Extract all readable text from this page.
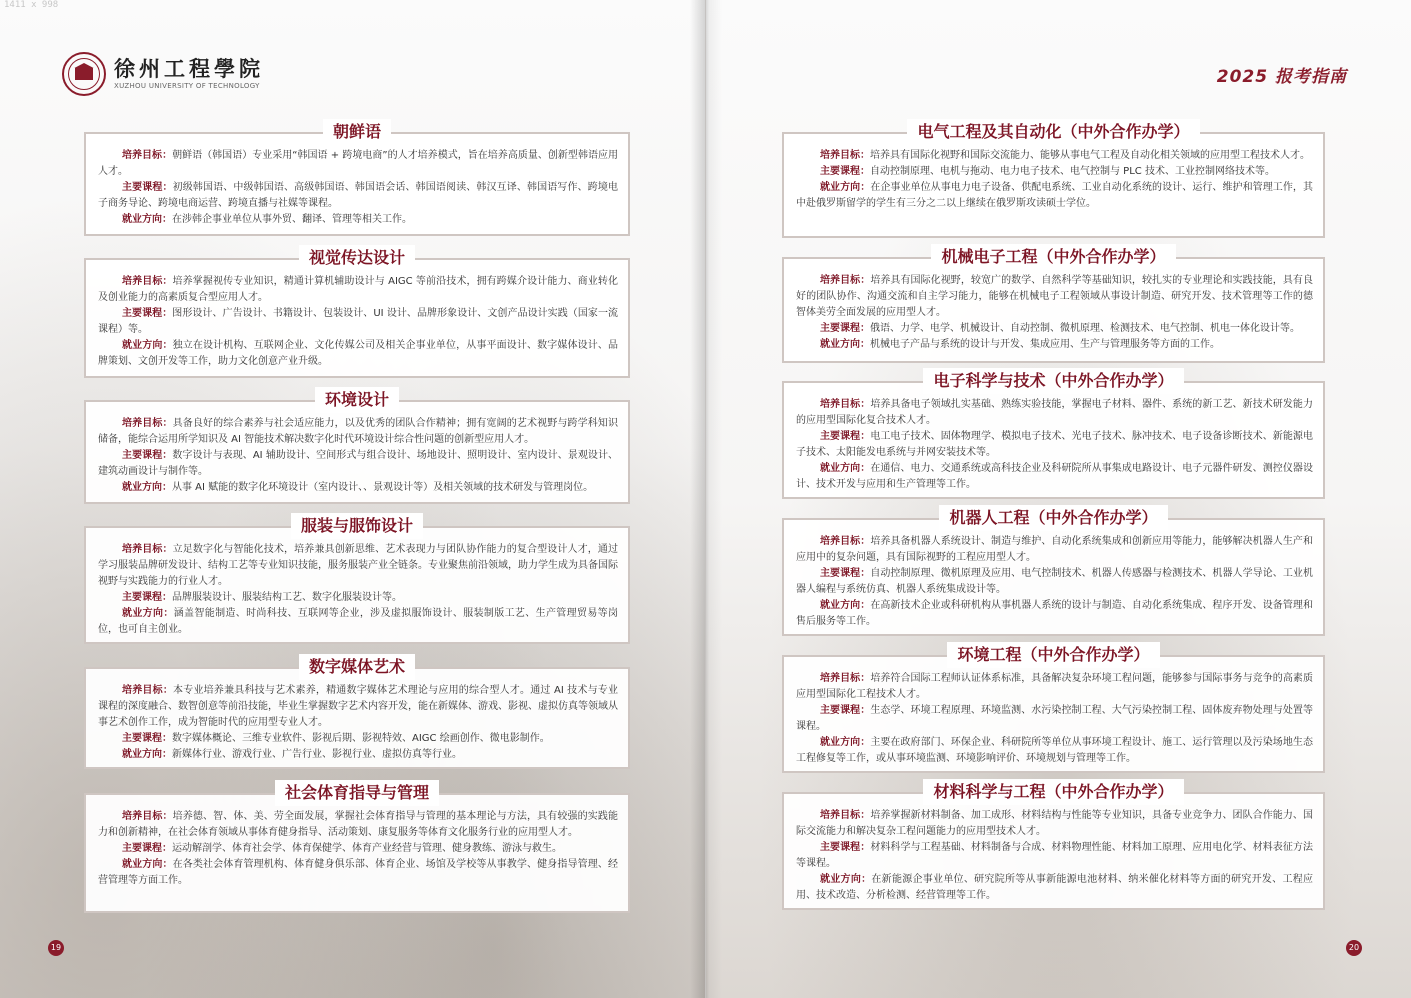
1411 x 998
徐州工程學院
XUZHOU UNIVERSITY OF TECHNOLOGY
朝鲜语

培养目标：朝鲜语（韩国语）专业采用“韩国语 + 跨境电商”的人才培养模式，旨在培养高质量、创新型韩语应用人才。

主要课程：初级韩国语、中级韩国语、高级韩国语、韩国语会话、韩国语阅读、韩汉互译、韩国语写作、跨境电子商务导论、跨境电商运营、跨境直播与社媒等课程。

就业方向：在涉韩企事业单位从事外贸、翻译、管理等相关工作。

视觉传达设计

培养目标：培养掌握视传专业知识，精通计算机辅助设计与 AIGC 等前沿技术，拥有跨媒介设计能力、商业转化及创业能力的高素质复合型应用人才。

主要课程：图形设计、广告设计、书籍设计、包装设计、UI 设计、品牌形象设计、文创产品设计实践（国家一流课程）等。

就业方向：独立在设计机构、互联网企业、文化传媒公司及相关企事业单位，从事平面设计、数字媒体设计、品牌策划、文创开发等工作，助力文化创意产业升级。

环境设计

培养目标：具备良好的综合素养与社会适应能力，以及优秀的团队合作精神；拥有宽阔的艺术视野与跨学科知识储备，能综合运用所学知识及 AI 智能技术解决数字化时代环境设计综合性问题的创新型应用人才。

主要课程：数字设计与表现、AI 辅助设计、空间形式与组合设计、场地设计、照明设计、室内设计、景观设计、建筑动画设计与制作等。

就业方向：从事 AI 赋能的数字化环境设计（室内设计、、景观设计等）及相关领域的技术研发与管理岗位。

服装与服饰设计

培养目标：立足数字化与智能化技术，培养兼具创新思维、艺术表现力与团队协作能力的复合型设计人才，通过学习服装品牌研发设计、结构工艺等专业知识技能，服务服装产业全链条。专业聚焦前沿领域，助力学生成为具备国际视野与实践能力的行业人才。

主要课程：品牌服装设计、服装结构工艺、数字化服装设计等。

就业方向：涵盖智能制造、时尚科技、互联网等企业，涉及虚拟服饰设计、服装制版工艺、生产管理贸易等岗位，也可自主创业。

数字媒体艺术

培养目标：本专业培养兼具科技与艺术素养，精通数字媒体艺术理论与应用的综合型人才。通过 AI 技术与专业课程的深度融合、数智创意等前沿技能，毕业生掌握数字艺术内容开发，能在新媒体、游戏、影视、虚拟仿真等领域从事艺术创作工作，成为智能时代的应用型专业人才。

主要课程：数字媒体概论、三维专业软件、影视后期、影视特效、AIGC 绘画创作、微电影制作。

就业方向：新媒体行业、游戏行业、广告行业、影视行业、虚拟仿真等行业。

社会体育指导与管理

培养目标：培养德、智、体、美、劳全面发展，掌握社会体育指导与管理的基本理论与方法，具有较强的实践能力和创新精神，在社会体育领域从事体育健身指导、活动策划、康复服务等体育文化服务行业的应用型人才。

主要课程：运动解剖学、体育社会学、体育保健学、体育产业经营与管理、健身教练、游泳与救生。

就业方向：在各类社会体育管理机构、体育健身俱乐部、体育企业、场馆及学校等从事教学、健身指导管理、经营管理等方面工作。

19
2025 报考指南
电气工程及其自动化（中外合作办学）

培养目标：培养具有国际化视野和国际交流能力、能够从事电气工程及自动化相关领域的应用型工程技术人才。

主要课程：自动控制原理、电机与拖动、电力电子技术、电气控制与 PLC 技术、工业控制网络技术等。

就业方向：在企事业单位从事电力电子设备、供配电系统、工业自动化系统的设计、运行、维护和管理工作，其中赴俄罗斯留学的学生有三分之二以上继续在俄罗斯攻读硕士学位。

机械电子工程（中外合作办学）

培养目标：培养具有国际化视野，较宽广的数学、自然科学等基础知识，较扎实的专业理论和实践技能，具有良好的团队协作、沟通交流和自主学习能力，能够在机械电子工程领域从事设计制造、研究开发、技术管理等工作的德智体美劳全面发展的应用型人才。

主要课程：俄语、力学、电学、机械设计、自动控制、微机原理、检测技术、电气控制、机电一体化设计等。

就业方向：机械电子产品与系统的设计与开发、集成应用、生产与管理服务等方面的工作。

电子科学与技术（中外合作办学）

培养目标：培养具备电子领域扎实基础、熟练实验技能，掌握电子材料、器件、系统的新工艺、新技术研发能力的应用型国际化复合技术人才。

主要课程：电工电子技术、固体物理学、模拟电子技术、光电子技术、脉冲技术、电子设备诊断技术、新能源电子技术、太阳能发电系统与并网安装技术等。

就业方向：在通信、电力、交通系统或高科技企业及科研院所从事集成电路设计、电子元器件研发、测控仪器设计、技术开发与应用和生产管理等工作。

机器人工程（中外合作办学）

培养目标：培养具备机器人系统设计、制造与维护、自动化系统集成和创新应用等能力，能够解决机器人生产和应用中的复杂问题，具有国际视野的工程应用型人才。

主要课程：自动控制原理、微机原理及应用、电气控制技术、机器人传感器与检测技术、机器人学导论、工业机器人编程与系统仿真、机器人系统集成设计等。

就业方向：在高新技术企业或科研机构从事机器人系统的设计与制造、自动化系统集成、程序开发、设备管理和售后服务等工作。

环境工程（中外合作办学）

培养目标：培养符合国际工程师认证体系标准，具备解决复杂环境工程问题，能够参与国际事务与竞争的高素质应用型国际化工程技术人才。

主要课程：生态学、环境工程原理、环境监测、水污染控制工程、大气污染控制工程、固体废弃物处理与处置等课程。

就业方向：主要在政府部门、环保企业、科研院所等单位从事环境工程设计、施工、运行管理以及污染场地生态工程修复等工作，或从事环境监测、环境影响评价、环境规划与管理等工作。

材料科学与工程（中外合作办学）

培养目标：培养掌握新材料制备、加工成形、材料结构与性能等专业知识，具备专业竞争力、团队合作能力、国际交流能力和解决复杂工程问题能力的应用型技术人才。

主要课程：材料科学与工程基础、材料制备与合成、材料物理性能、材料加工原理、应用电化学、材料表征方法等课程。

就业方向：在新能源企事业单位、研究院所等从事新能源电池材料、纳米催化材料等方面的研究开发、工程应用、技术改造、分析检测、经营管理等工作。

20
